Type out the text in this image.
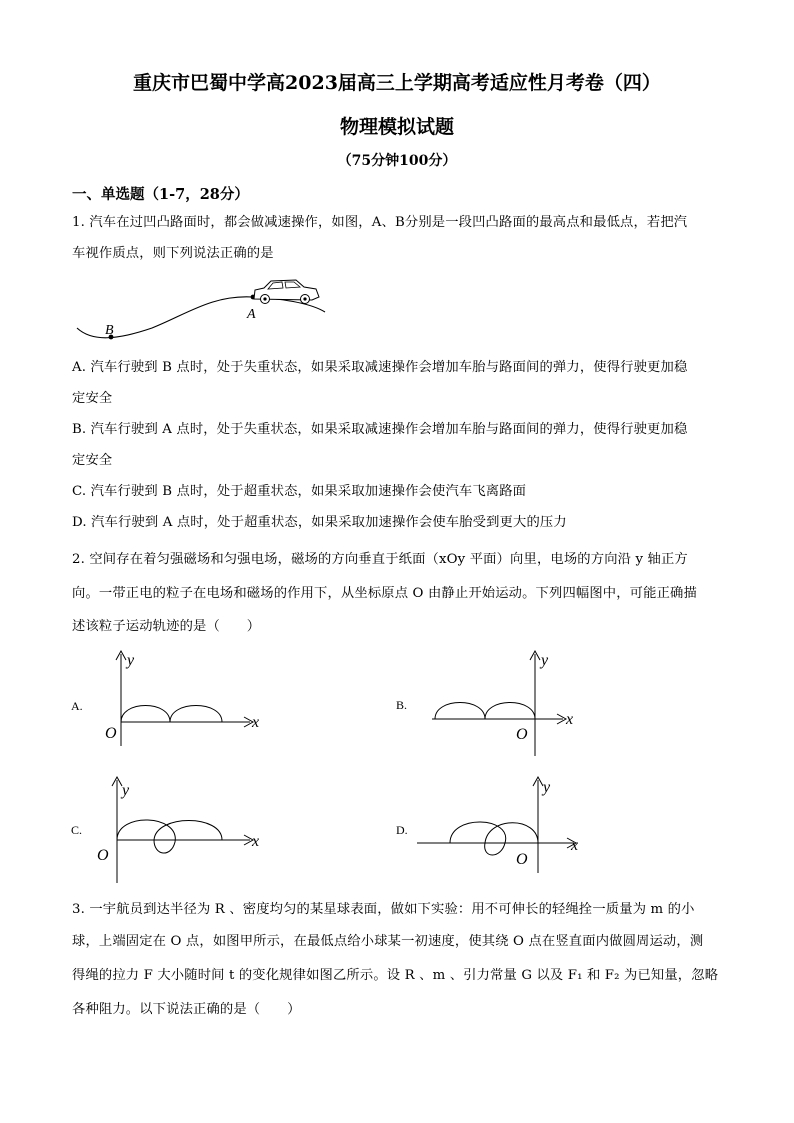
重庆市巴蜀中学高2023届高三上学期高考适应性月考卷（四）
物理模拟试题
（75分钟100分）
一、单选题（1-7，28分）
1. 汽车在过凹凸路面时，都会做减速操作，如图，A、B分别是一段凹凸路面的最高点和最低点，若把汽
车视作质点，则下列说法正确的是
B
A
A. 汽车行驶到 B 点时，处于失重状态，如果采取减速操作会增加车胎与路面间的弹力，使得行驶更加稳
定安全
B. 汽车行驶到 A 点时，处于失重状态，如果采取减速操作会增加车胎与路面间的弹力，使得行驶更加稳
定安全
C. 汽车行驶到 B 点时，处于超重状态，如果采取加速操作会使汽车飞离路面
D. 汽车行驶到 A 点时，处于超重状态，如果采取加速操作会使车胎受到更大的压力
2. 空间存在着匀强磁场和匀强电场，磁场的方向垂直于纸面（xOy 平面）向里，电场的方向沿 y 轴正方
向。一带正电的粒子在电场和磁场的作用下，从坐标原点 O 由静止开始运动。下列四幅图中，可能正确描
述该粒子运动轨迹的是（　　）
A.
y
x
O
B.
y
x
O
C.
y
x
O
D.
y
x
O
3. 一宇航员到达半径为 R 、密度均匀的某星球表面，做如下实验：用不可伸长的轻绳拴一质量为 m 的小
球，上端固定在 O 点，如图甲所示，在最低点给小球某一初速度，使其绕 O 点在竖直面内做圆周运动，测
得绳的拉力 F 大小随时间 t 的变化规律如图乙所示。设 R 、m 、引力常量 G 以及 F₁ 和 F₂ 为已知量，忽略
各种阻力。以下说法正确的是（　　）
